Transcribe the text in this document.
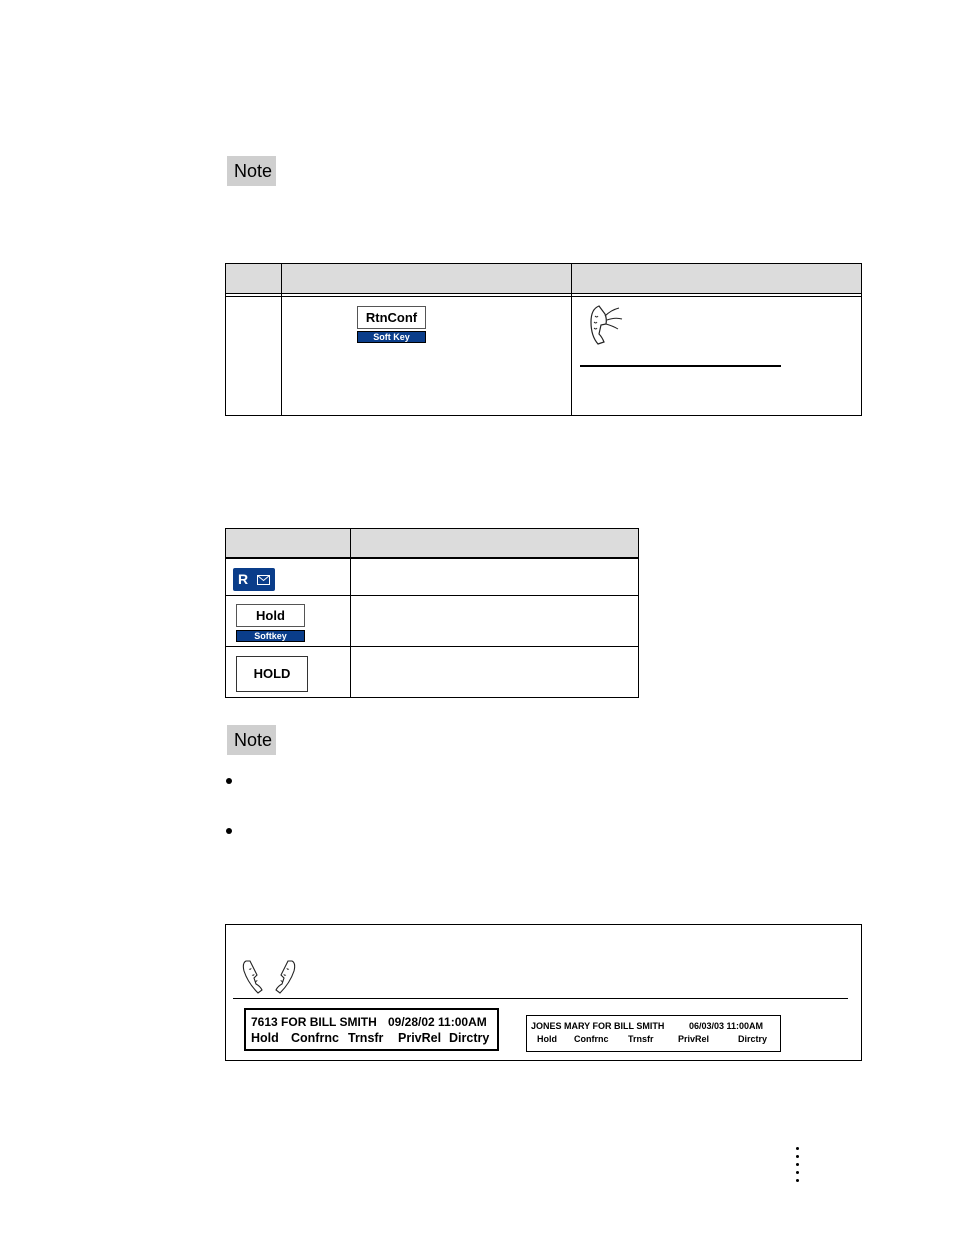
Note
RtnConf
Soft Key
R
Hold
Softkey
HOLD
Note
7613 FOR BILL SMITH 09/28/02 11:00AM
Hold Confrnc Trnsfr PrivRel Dirctry
JONES MARY FOR BILL SMITH	06/03/03 11:00AM
Hold Confrnc Trnsfr	PrivRel	Dirctry
